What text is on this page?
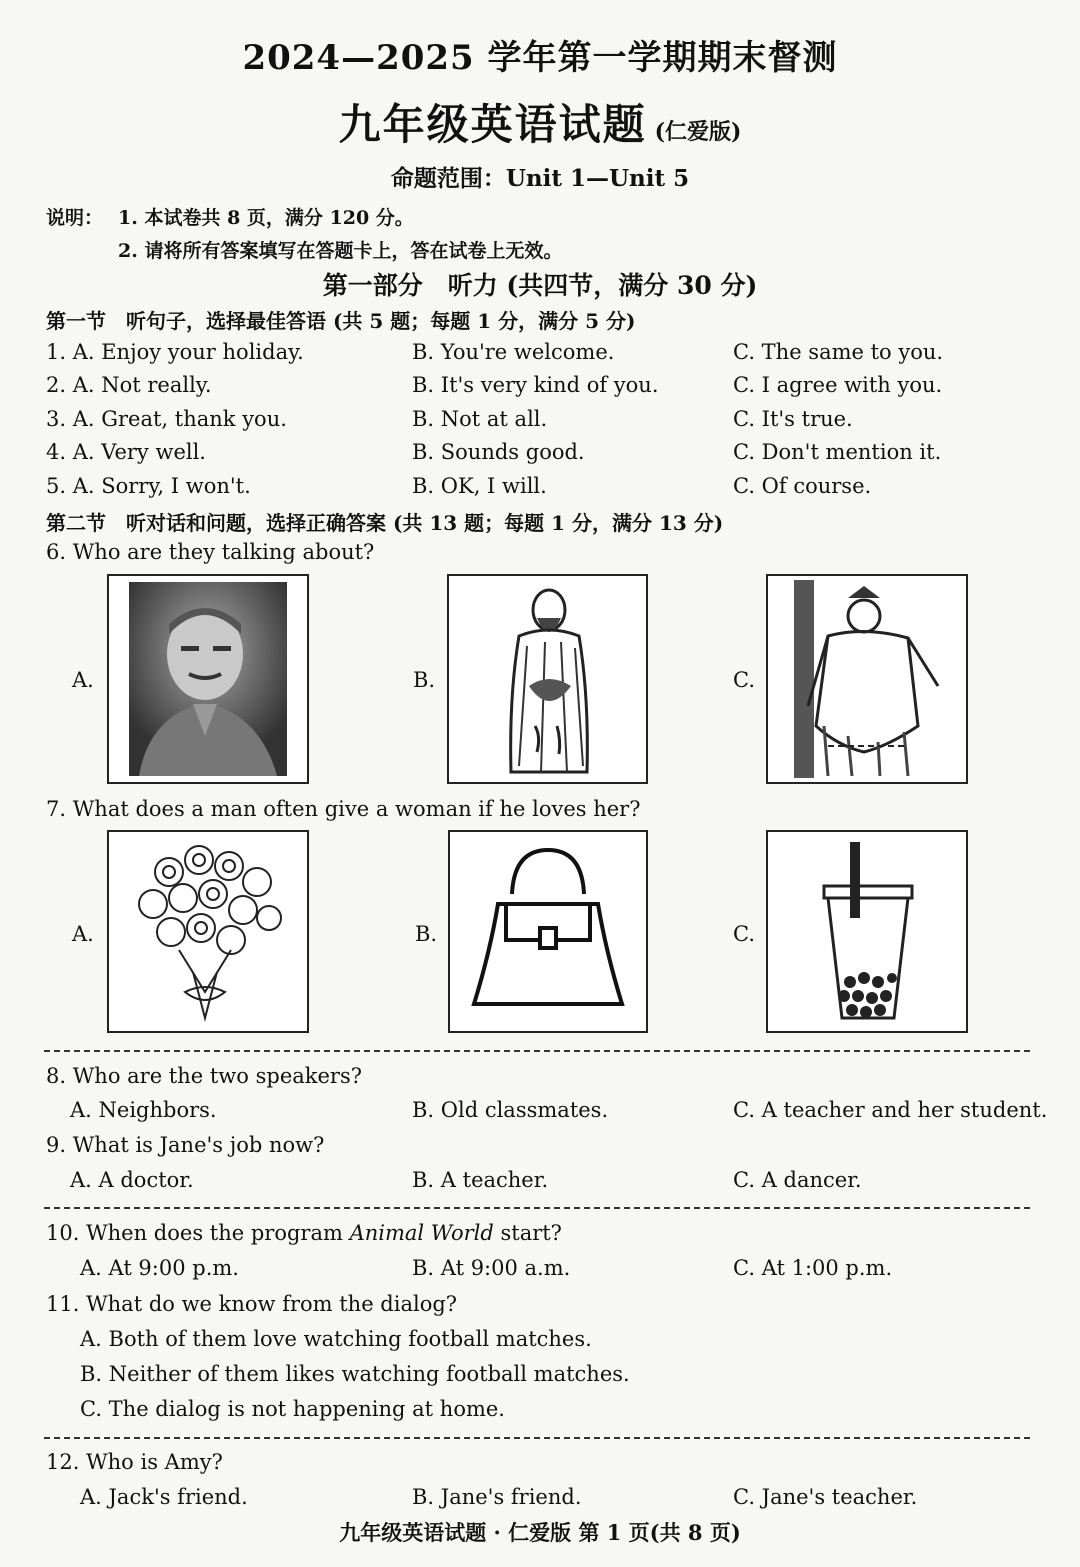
2024—2025 学年第一学期期末督测
九年级英语试题 (仁爱版)
命题范围：Unit 1—Unit 5
说明： 1. 本试卷共 8 页，满分 120 分。
2. 请将所有答案填写在答题卡上，答在试卷上无效。
第一部分　听力 (共四节，满分 30 分)
第一节　听句子，选择最佳答语 (共 5 题；每题 1 分，满分 5 分)
1. A. Enjoy your holiday.	B. You're welcome.	C. The same to you.
2. A. Not really.	B. It's very kind of you.	C. I agree with you.
3. A. Great, thank you.	B. Not at all.	C. It's true.
4. A. Very well.	B. Sounds good.	C. Don't mention it.
5. A. Sorry, I won't.	B. OK, I will.	C. Of course.
第二节　听对话和问题，选择正确答案 (共 13 题；每题 1 分，满分 13 分)
6. Who are they talking about?
A.	B.	C.
7. What does a man often give a woman if he loves her?
A.	B.	C.
8. Who are the two speakers?
A. Neighbors.	B. Old classmates.	C. A teacher and her student.
9. What is Jane's job now?
A. A doctor.	B. A teacher.	C. A dancer.
10. When does the program Animal World start?
A. At 9:00 p.m.	B. At 9:00 a.m.	C. At 1:00 p.m.
11. What do we know from the dialog?
A. Both of them love watching football matches.
B. Neither of them likes watching football matches.
C. The dialog is not happening at home.
12. Who is Amy?
A. Jack's friend.	B. Jane's friend.	C. Jane's teacher.
九年级英语试题 · 仁爱版 第 1 页(共 8 页)
